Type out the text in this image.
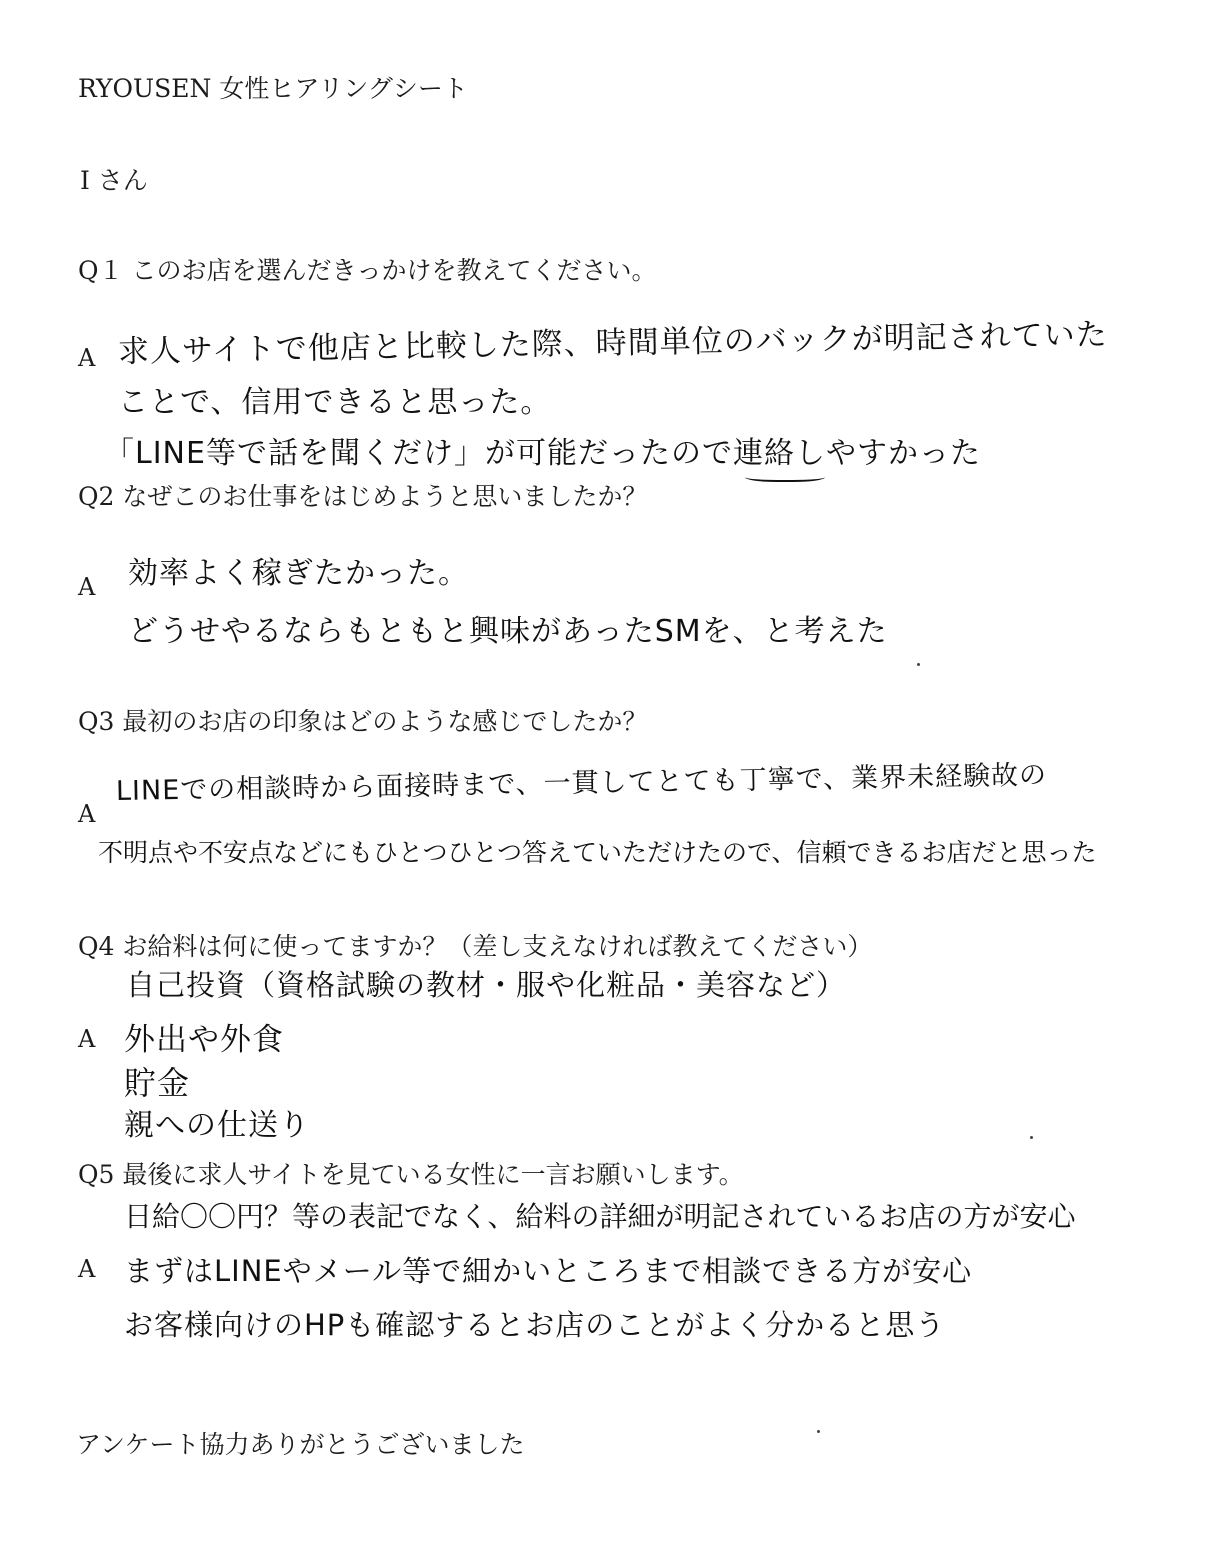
RYOUSEN 女性ヒアリングシート
I さん
Q１ このお店を選んだきっかけを教えてください。
A 求人サイトで他店と比較した際、時間単位のバックが明記されていた
ことで、信用できると思った。
「LINE等で話を聞くだけ」が可能だったので連絡しやすかった
Q2 なぜこのお仕事をはじめようと思いましたか？
A 効率よく稼ぎたかった。
どうせやるならもともと興味があったSMを、と考えた
Q3 最初のお店の印象はどのような感じでしたか？
A
LINEでの相談時から面接時まで、一貫してとても丁寧で、業界未経験故の
不明点や不安点などにもひとつひとつ答えていただけたので、信頼できるお店だと思った
Q4 お給料は何に使ってますか？（差し支えなければ教えてください）
自己投資（資格試験の教材・服や化粧品・美容など）
A 外出や外食
貯金
親への仕送り
Q5 最後に求人サイトを見ている女性に一言お願いします。
日給〇〇円？等の表記でなく、給料の詳細が明記されているお店の方が安心
A まずはLINEやメール等で細かいところまで相談できる方が安心
お客様向けのHPも確認するとお店のことがよく分かると思う
アンケート協力ありがとうございました
